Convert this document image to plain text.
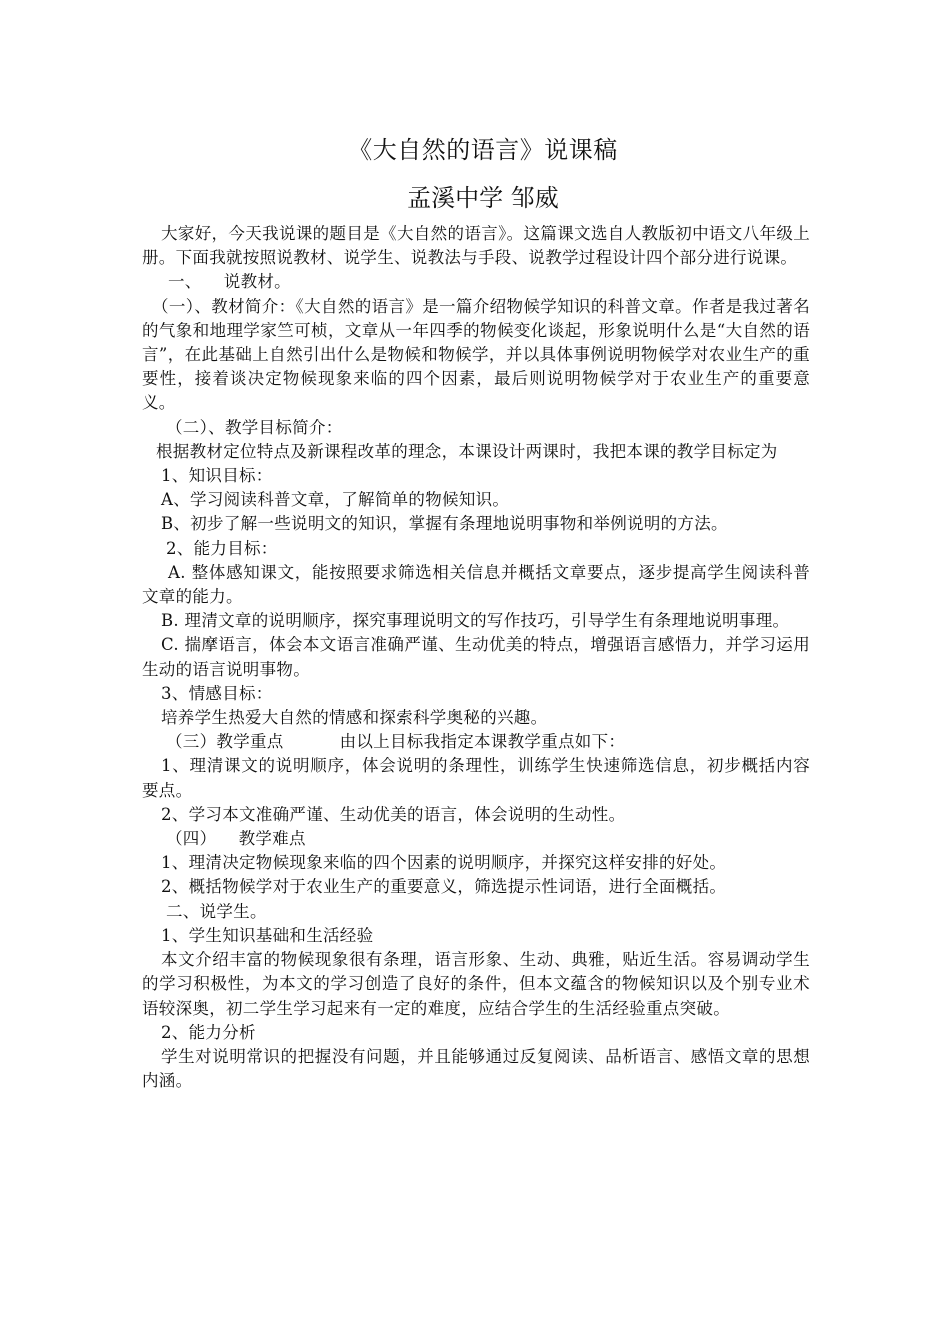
《大自然的语言》说课稿
孟溪中学 邹威

大家好，今天我说课的题目是《大自然的语言》。这篇课文选自人教版初中语文八年级上册。下面我就按照说教材、说学生、说教法与手段、说教学过程设计四个部分进行说课。

一、    说教材。

（一）、教材简介：《大自然的语言》是一篇介绍物候学知识的科普文章。作者是我过著名的气象和地理学家竺可桢，文章从一年四季的物候变化谈起，形象说明什么是“大自然的语言”，在此基础上自然引出什么是物候和物候学，并以具体事例说明物候学对农业生产的重要性，接着谈决定物候现象来临的四个因素，最后则说明物候学对于农业生产的重要意义。

（二）、教学目标简介：

根据教材定位特点及新课程改革的理念，本课设计两课时，我把本课的教学目标定为

1、知识目标：

A、学习阅读科普文章，了解简单的物候知识。

B、初步了解一些说明文的知识，掌握有条理地说明事物和举例说明的方法。

2、能力目标：

A. 整体感知课文，能按照要求筛选相关信息并概括文章要点，逐步提高学生阅读科普文章的能力。

B. 理清文章的说明顺序，探究事理说明文的写作技巧，引导学生有条理地说明事理。

C. 揣摩语言，体会本文语言准确严谨、生动优美的特点，增强语言感悟力，并学习运用生动的语言说明事物。

3、情感目标：

培养学生热爱大自然的情感和探索科学奥秘的兴趣。

（三）教学重点	由以上目标我指定本课教学重点如下：

1、理清课文的说明顺序，体会说明的条理性，训练学生快速筛选信息，初步概括内容要点。

2、学习本文准确严谨、生动优美的语言，体会说明的生动性。

（四）    教学难点

1、理清决定物候现象来临的四个因素的说明顺序，并探究这样安排的好处。

2、概括物候学对于农业生产的重要意义，筛选提示性词语，进行全面概括。

二、说学生。

1、学生知识基础和生活经验

本文介绍丰富的物候现象很有条理，语言形象、生动、典雅，贴近生活。容易调动学生的学习积极性，为本文的学习创造了良好的条件，但本文蕴含的物候知识以及个别专业术语较深奥，初二学生学习起来有一定的难度，应结合学生的生活经验重点突破。

2、能力分析

学生对说明常识的把握没有问题，并且能够通过反复阅读、品析语言、感悟文章的思想内涵。
